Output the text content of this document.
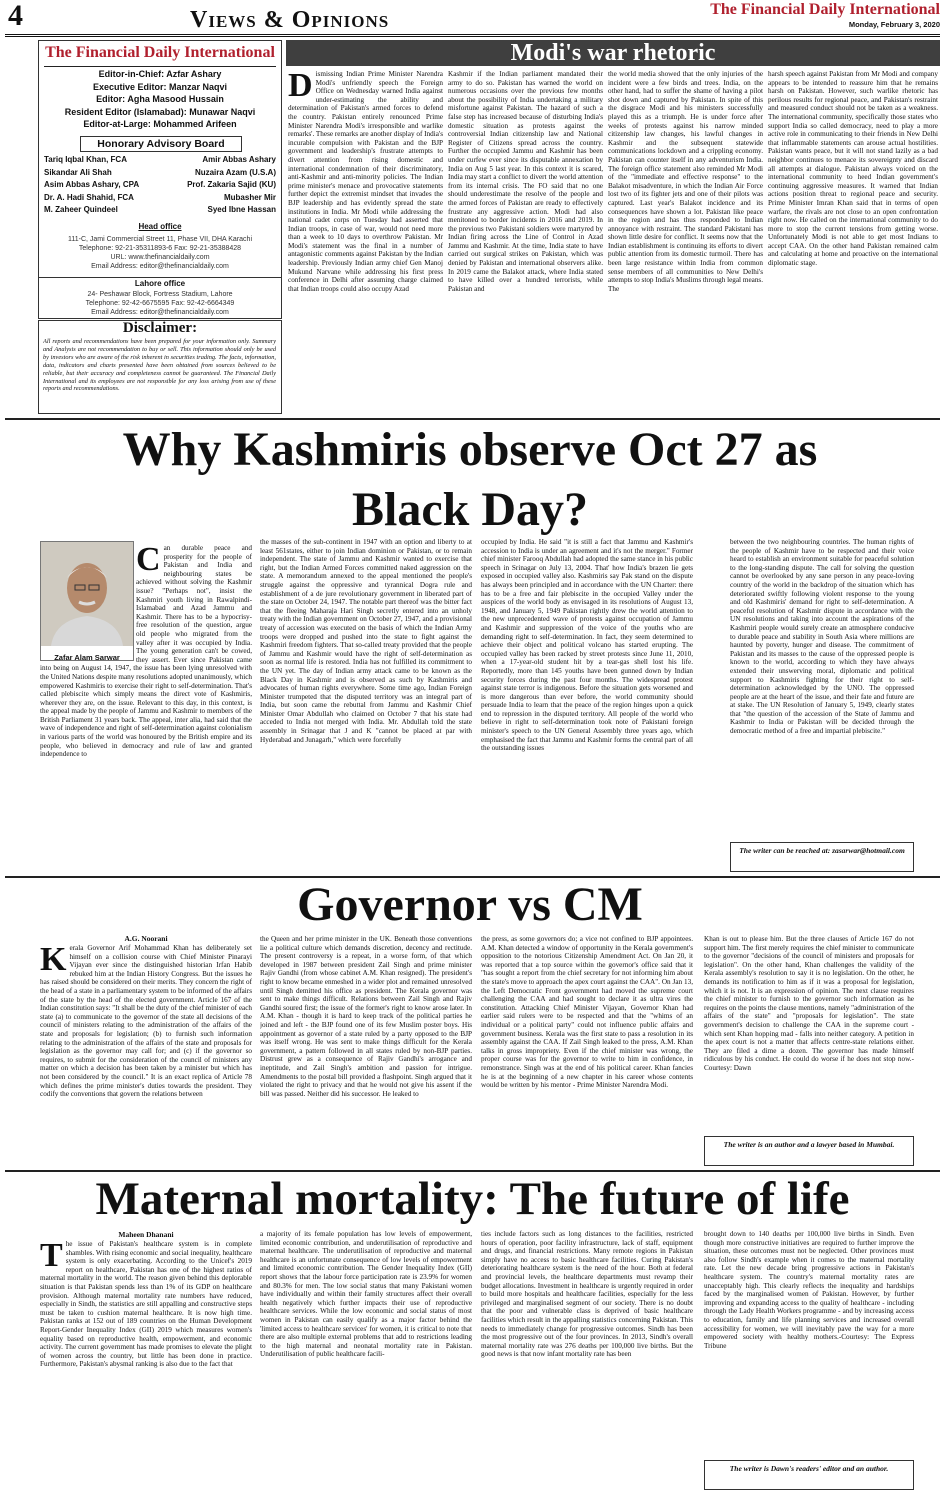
4	Views & Opinions	The Financial Daily International
Monday, February 3, 2020
The Financial Daily International
Editor-in-Chief: Azfar Ashary
Executive Editor: Manzar Naqvi
Editor: Agha Masood Hussain
Resident Editor (Islamabad): Munawar Naqvi
Editor-at-Large: Mohammed Arifeen
Honorary Advisory Board
Tariq Iqbal Khan, FCA	Amir Abbas Ashary
Sikandar Ali Shah	Nuzaira Azam (U.S.A)
Asim Abbas Ashary, CPA	Prof. Zakaria Sajid (KU)
Dr. A. Hadi Shahid, FCA	Mubasher Mir
M. Zaheer Quindeel	Syed Ibne Hassan
Head office
111-C, Jami Commercial Street 11, Phase VII, DHA Karachi
Telephone: 92-21-35311893-6 Fax: 92-21-35388428
URL: www.thefinancialdaily.com
Email Address: editor@thefinancialdaily.com
Lahore office
24- Peshawar Block, Fortress Stadium, Lahore
Telephone: 92-42-6675595 Fax: 92-42-6664349
Email Address: editor@thefinancialdaily.com
Disclaimer:
All reports and recommendations have been prepared for your information only. Summary and Analysis are not recommendation to buy or sell. This information should only be used by investors who are aware of the risk inherent in securities trading. The facts, information, data, indicators and charts presented have been obtained from sources believed to be reliable, but their accuracy and completeness cannot be guaranteed. The Financial Daily International and its employees are not responsible for any loss arising from use of these reports and recommendations.
Modi's war rhetoric
Dismissing Indian Prime Minister Narendra Modi's unfriendly speech the Foreign Office on Wednesday warned India against under-estimating the ability and determination of Pakistan's armed forces to defend the country. Pakistan entirely renounced Prime Minister Narendra Modi's irresponsible and warlike remarks'. These remarks are another display of India's incurable compulsion with Pakistan and the BJP government and leadership's frustrate attempts to divert attention from rising domestic and international condemnation of their discriminatory, anti-Kashmir and anti-minority policies. The Indian prime minister's menace and provocative statements further depict the extremist mindset that invades the BJP leadership and has evidently spread the state institutions in India. Mr Modi while addressing the national cadet corps on Tuesday had asserted that Indian troops, in case of war, would not need more than a week to 10 days to overthrow Pakistan. Mr Modi's statement was the final in a number of antagonistic comments against Pakistan by the Indian leadership. Previously Indian army chief Gen Manoj Mukund Narvane while addressing his first press conference in Delhi after assuming charge claimed that Indian troops could also occupy Azad
Kashmir if the Indian parliament mandated their army to do so. Pakistan has warned the world on numerous occasions over the previous few months about the possibility of India undertaking a military misfortune against Pakistan. The hazard of such a false step has increased because of disturbing India's domestic situation as protests against the controversial Indian citizenship law and National Register of Citizens spread across the country. Further the occupied Jammu and Kashmir has been under curfew ever since its disputable annexation by India on Aug 5 last year. In this context it is scared, India may start a conflict to divert the world attention from its internal crisis. The FO said that no one should underestimate the resolve of the people and the armed forces of Pakistan are ready to effectively frustrate any aggressive action. Modi had also menitoned to border incidents in 2016 and 2019. In the previous two Pakistani soldiers were martyred by Indian firing across the Line of Control in Azad Jammu and Kashmir. At the time, India state to have carried out surgical strikes on Pakistan, which was denied by Pakistan and international observers alike. In 2019 came the Balakot attack, where India stated to have killed over a hundred terrorists, while Pakistan and
the world media showed that the only injuries of the incident were a few birds and trees. India, on the other hand, had to suffer the shame of having a pilot shot down and captured by Pakistan. In spite of this the disgrace Modi and his ministers successfully played this as a triumph. He is under force after weeks of protests against his narrow minded citizenship law changes, his lawful changes in Kashmir and the subsequent statewide communications lockdown and a crippling economy. Pakistan can counter itself in any adventurism India. The foreign office statement also reminded Mr Modi of the "immediate and effective response" to the Balakot misadventure, in which the Indian Air Force lost two of its fighter jets and one of their pilots was captured. Last year's Balakot incidence and its consequences have shown a lot. Pakistan like peace in the region and has thus responded to Indian annoyance with restraint. The standard Pakistani has shown little desire for conflict. It seems now that the Indian establishment is continuing its efforts to divert public attention from its domestic turmoil. There has been large resistance within India from common sense members of all communities to New Delhi's attempts to stop India's Muslims through legal means. The
harsh speech against Pakistan from Mr Modi and company appears to be intended to reassure him that he remains harsh on Pakistan. However, such warlike rhetoric has perilous results for regional peace, and Pakistan's restraint and measured conduct should not be taken as a weakness. The international community, specifically those states who support India so called democracy, need to play a more active role in communicating to their friends in New Delhi that inflammable statements can arouse actual hostilities. Pakistan wants peace, but it will not stand lazily as a bad neighbor continues to menace its sovereignty and discard all attempts at dialogue. Pakistan always voiced on the international community to heed Indian government's continuing aggressive measures. It warned that Indian actions position threat to regional peace and security. Prime Minister Imran Khan said that in terms of open warfare, the rivals are not close to an open confrontation right now. He called on the international community to do more to stop the current tensions from getting worse. Unfortunately Modi is not able to get most Indians to accept CAA. On the other hand Pakistan remained calm and calculating at home and proactive on the international diplomatic stage.
Why Kashmiris observe Oct 27 as Black Day?
Zafar Alam Sarwar
Can durable peace and prosperity for the people of Pakistan and India and neighbouring states be achieved without solving the Kashmir issue? "Perhaps not", insist the Kashmiri youth living in Rawalpindi-Islamabad and Azad Jammu and Kashmir. There has to be a hypocrisy-free resolution of the question, argue old people who migrated from the valley after it was occupied by India. The young generation can't be cowed, they assert. Ever since Pakistan came into being on August 14, 1947, the issue has been lying unresolved with the United Nations despite many resolutions adopted unanimously, which empowered Kashmiris to exercise their right to self-determination. That's called plebiscite which simply means the direct vote of Kashmiris, wherever they are, on the issue. Relevant to this day, in this context, is the appeal made by the people of Jammu and Kashmir to members of the British Parliament 31 years back. The appeal, inter alia, had said that the wave of independence and right of self-determination against colonialism in various parts of the world was honoured by the British empire and its people, who believed in democracy and rule of law and granted independence to
the masses of the sub-continent in 1947 with an option and liberty to at least 561states, either to join Indian dominion or Pakistan, or to remain independent. The state of Jammu and Kashmir wanted to exercise that right, but the Indian Armed Forces committed naked aggression on the state. A memorandum annexed to the appeal mentioned the people's struggle against the oppressive and tyrannical Dogra rule and establishment of a de jure revolutionary government in liberated part of the state on October 24, 1947. The notable part thereof was the bitter fact that the fleeing Maharaja Hari Singh secretly entered into an unholy treaty with the Indian government on October 27, 1947, and a provisional treaty of accession was executed on the basis of which the Indian Army troops were dropped and pushed into the state to fight against the Kashmiri freedom fighters. That so-called treaty provided that the people of Jammu and Kashmir would have the right of self-determination as soon as normal life is restored. India has not fulfilled its commitment to the UN yet. The day of Indian army attack came to be known as the Black Day in Kashmir and is observed as such by Kashmiris and advocates of human rights everywhere. Some time ago, Indian Foreign Minister trumpeted that the disputed territory was an integral part of India, but soon came the rebuttal from Jammu and Kashmir Chief Minister Omar Abdullah who claimed on October 7 that his state had acceded to India not merged with India. Mr. Abdullah told the state assembly in Srinagar that J and K "cannot be placed at par with Hyderabad and Junagarh," which were forcefully
occupied by India. He said "it is still a fact that Jammu and Kashmir's accession to India is under an agreement and it's not the merger." Former chief minister Farooq Abdullah had adopted the same stance in his public speech in Srinagar on July 13, 2004. That' how India's brazen lie gets exposed in occupied valley also. Kashmiris say Pak stand on the dispute has always been principled and in accordance with the UN Charter: there has to be a free and fair plebiscite in the occupied Valley under the auspices of the world body as envisaged in its resolutions of August 13, 1948, and January 5, 1949 Pakistan rightly drew the world attention to the new unprecedented wave of protests against occupation of Jammu and Kashmir and suppression of the voice of the youths who are demanding right to self-determination. In fact, they seem determined to achieve their object and political volcano has started erupting. The occupied valley has been racked by street protests since June 11, 2010, when a 17-year-old student hit by a tear-gas shell lost his life. Reportedly, more than 145 youths have been gunned down by Indian security forces during the past four months. The widespread protest against state terror is indigenous. Before the situation gets worsened and is more dangerous than ever before, the world community should persuade India to learn that the peace of the region hinges upon a quick end to repression in the disputed territory. All people of the world who believe in right to self-determination took note of Pakistani foreign minister's speech to the UN General Assembly three years ago, which emphasised the fact that Jammu and Kashmir forms the central part of all the outstanding issues
between the two neighbouring countries. The human rights of the people of Kashmir have to be respected and their voice heard to establish an environment suitable for peaceful solution to the long-standing dispute. The call for solving the question cannot be overlooked by any sane person in any peace-loving country of the world in the backdrop of the situation which has deteriorated swiftly following violent response to the young and old Kashmiris' demand for right to self-determination. A peaceful resolution of Kashmir dispute in accordance with the UN resolutions and taking into account the aspirations of the Kashmiri people would surely create an atmosphere conducive to durable peace and stability in South Asia where millions are haunted by poverty, hunger and disease. The commitment of Pakistan and its masses to the cause of the oppressed people is known to the world, according to which they have always extended their unswerving moral, diplomatic and political support to Kashmiris fighting for their right to self-determination acknowledged by the UNO. The oppressed people are at the heart of the issue, and their fate and future are at stake. The UN Resolution of January 5, 1949, clearly states that "the question of the accession of the State of Jammu and Kashmir to India or Pakistan will be decided through the democratic method of a free and impartial plebiscite."
The writer can be reached at: zasarwar@hotmail.com
Governor vs CM
A.G. Noorani
Kerala Governor Arif Mohammad Khan has deliberately set himself on a collision course with Chief Minister Pinarayi Vijayan ever since the distinguished historian Irfan Habib rebuked him at the Indian History Congress. But the issues he has raised should be considered on their merits. They concern the right of the head of a state in a parliamentary system to be informed of the affairs of the state by the head of the elected government. Article 167 of the Indian constitution says: "It shall be the duty of the chief minister of each state (a) to communicate to the governor of the state all decisions of the council of ministers relating to the administration of the affairs of the state and proposals for legislation; (b) to furnish such information relating to the administration of the affairs of the state and proposals for legislation as the governor may call for; and (c) if the governor so requires, to submit for the consideration of the council of ministers any matter on which a decision has been taken by a minister but which has not been considered by the council." It is an exact replica of Article 78 which defines the prime minister's duties towards the president. They codify the conventions that govern the relations between
the Queen and her prime minister in the UK. Beneath those conventions lie a political culture which demands discretion, decency and rectitude. The present controversy is a repeat, in a worse form, of that which developed in 1987 between president Zail Singh and prime minister Rajiv Gandhi (from whose cabinet A.M. Khan resigned). The president's right to know became enmeshed in a wider plot and remained unresolved until Singh demitted his office as president. The Kerala governor was sent to make things difficult. Relations between Zail Singh and Rajiv Gandhi soured first; the issue of the former's right to know arose later. In A.M. Khan - though it is hard to keep track of the political parties he joined and left - the BJP found one of its few Muslim poster boys. His appointment as governor of a state ruled by a party opposed to the BJP was itself wrong. He was sent to make things difficult for the Kerala government, a pattern followed in all states ruled by non-BJP parties. Distrust grew as a consequence of Rajiv Gandhi's arrogance and ineptitude, and Zail Singh's ambition and passion for intrigue. Amendments to the postal bill provided a flashpoint. Singh argued that it violated the right to privacy and that he would not give his assent if the bill was passed. Neither did his successor. He leaked to
the press, as some governors do; a vice not confined to BJP appointees. A.M. Khan detected a window of opportunity in the Kerala government's opposition to the notorious Citizenship Amendment Act. On Jan 20, it was reported that a top source within the governor's office said that it "has sought a report from the chief secretary for not informing him about the state's move to approach the apex court against the CAA". On Jan 13, the Left Democratic Front government had moved the supreme court challenging the CAA and had sought to declare it as ultra vires the constitution. Attacking Chief Minister Vijayan, Governor Khan had earlier said rulers were to be respected and that the "whims of an individual or a political party" could not influence public affairs and government business. Kerala was the first state to pass a resolution in its assembly against the CAA. If Zail Singh leaked to the press, A.M. Khan talks in gross impropriety. Even if the chief minister was wrong, the proper course was for the governor to write to him in confidence, in remonstrance. Singh was at the end of his political career. Khan fancies he is at the beginning of a new chapter in his career whose contents would be written by his mentor - Prime Minister Narendra Modi.
Khan is out to please him. But the three clauses of Article 167 do not support him. The first merely requires the chief minister to communicate to the governor "decisions of the council of ministers and proposals for legislation". On the other hand, Khan challenges the validity of the Kerala assembly's resolution to say it is no legislation. On the other, he demands its notification to him as if it was a proposal for legislation, which it is not. It is an expression of opinion. The next clause requires the chief minister to furnish to the governor such information as he requires on the points the clause mentions, namely "administration of the affairs of the state" and "proposals for legislation". The state government's decision to challenge the CAA in the supreme court - which sent Khan hopping mad - falls into neither category. A petition in the apex court is not a matter that affects centre-state relations either. They are filed a dime a dozen. The governor has made himself ridiculous by his conduct. He could do worse if he does not stop now.-Courtesy: Dawn
The writer is an author and a lawyer based in Mumbai.
Maternal mortality: The future of life
Maheen Dhanani
The issue of Pakistan's healthcare system is in complete shambles. With rising economic and social inequality, healthcare system is only exacerbating. According to the Unicef's 2019 report on healthcare, Pakistan has one of the highest ratios of maternal mortality in the world. The reason given behind this deplorable situation is that Pakistan spends less than 1% of its GDP on healthcare provision. Although maternal mortality rate numbers have reduced, especially in Sindh, the statistics are still appalling and constructive steps must be taken to cushion maternal healthcare. It is now high time. Pakistan ranks at 152 out of 189 countries on the Human Development Report-Gender Inequality Index (GII) 2019 which measures women's equality based on reproductive health, empowerment, and economic activity. The current government has made promises to elevate the plight of women across the country, but little has been done in practice. Furthermore, Pakistan's abysmal ranking is also due to the fact that
a majority of its female population has low levels of empowerment, limited economic contribution, and underutilisation of reproductive and maternal healthcare. The underutilisation of reproductive and maternal healthcare is an unfortunate consequence of low levels of empowerment and limited economic contribution. The Gender Inequality Index (GII) report shows that the labour force participation rate is 23.9% for women and 80.3% for men. The low social status that many Pakistani women have individually and within their family structures affect their overall health negatively which further impacts their use of reproductive healthcare services. While the low economic and social status of most women in Pakistan can easily qualify as a major factor behind the 'limited access to healthcare services' for women, it is critical to note that there are also multiple external problems that add to restrictions leading to the high maternal and neonatal mortality rate in Pakistan. Underutilisation of public healthcare facili-
ties include factors such as long distances to the facilities, restricted hours of operation, poor facility infrastructure, lack of staff, equipment and drugs, and financial restrictions. Many remote regions in Pakistan simply have no access to basic healthcare facilities. Curing Pakistan's deteriorating healthcare system is the need of the hour. Both at federal and provincial levels, the healthcare departments must revamp their budget allocations. Investment in healthcare is urgently required in order to build more hospitals and healthcare facilities, especially for the less privileged and marginalised segment of our society. There is no doubt that the poor and vulnerable class is deprived of basic healthcare facilities which result in the appalling statistics concerning Pakistan. This needs to immediately change for progressive outcomes. Sindh has been the most progressive out of the four provinces. In 2013, Sindh's overall maternal mortality rate was 276 deaths per 100,000 live births. But the good news is that now infant mortality rate has been
brought down to 140 deaths per 100,000 live births in Sindh. Even though more constructive initiatives are required to further improve the situation, these outcomes must not be neglected. Other provinces must also follow Sindh's example when it comes to the maternal mortality rate. Let the new decade bring progressive actions in Pakistan's healthcare system. The country's maternal mortality rates are unacceptably high. This clearly reflects the inequality and hardships faced by the marginalised women of Pakistan. However, by further improving and expanding access to the quality of healthcare - including through the Lady Health Workers programme - and by increasing access to education, family and life planning services and increased overall accessibility for women, we will inevitably pave the way for a more empowered society with healthy mothers.-Courtesy: The Express Tribune
The writer is Dawn's readers' editor and an author.
